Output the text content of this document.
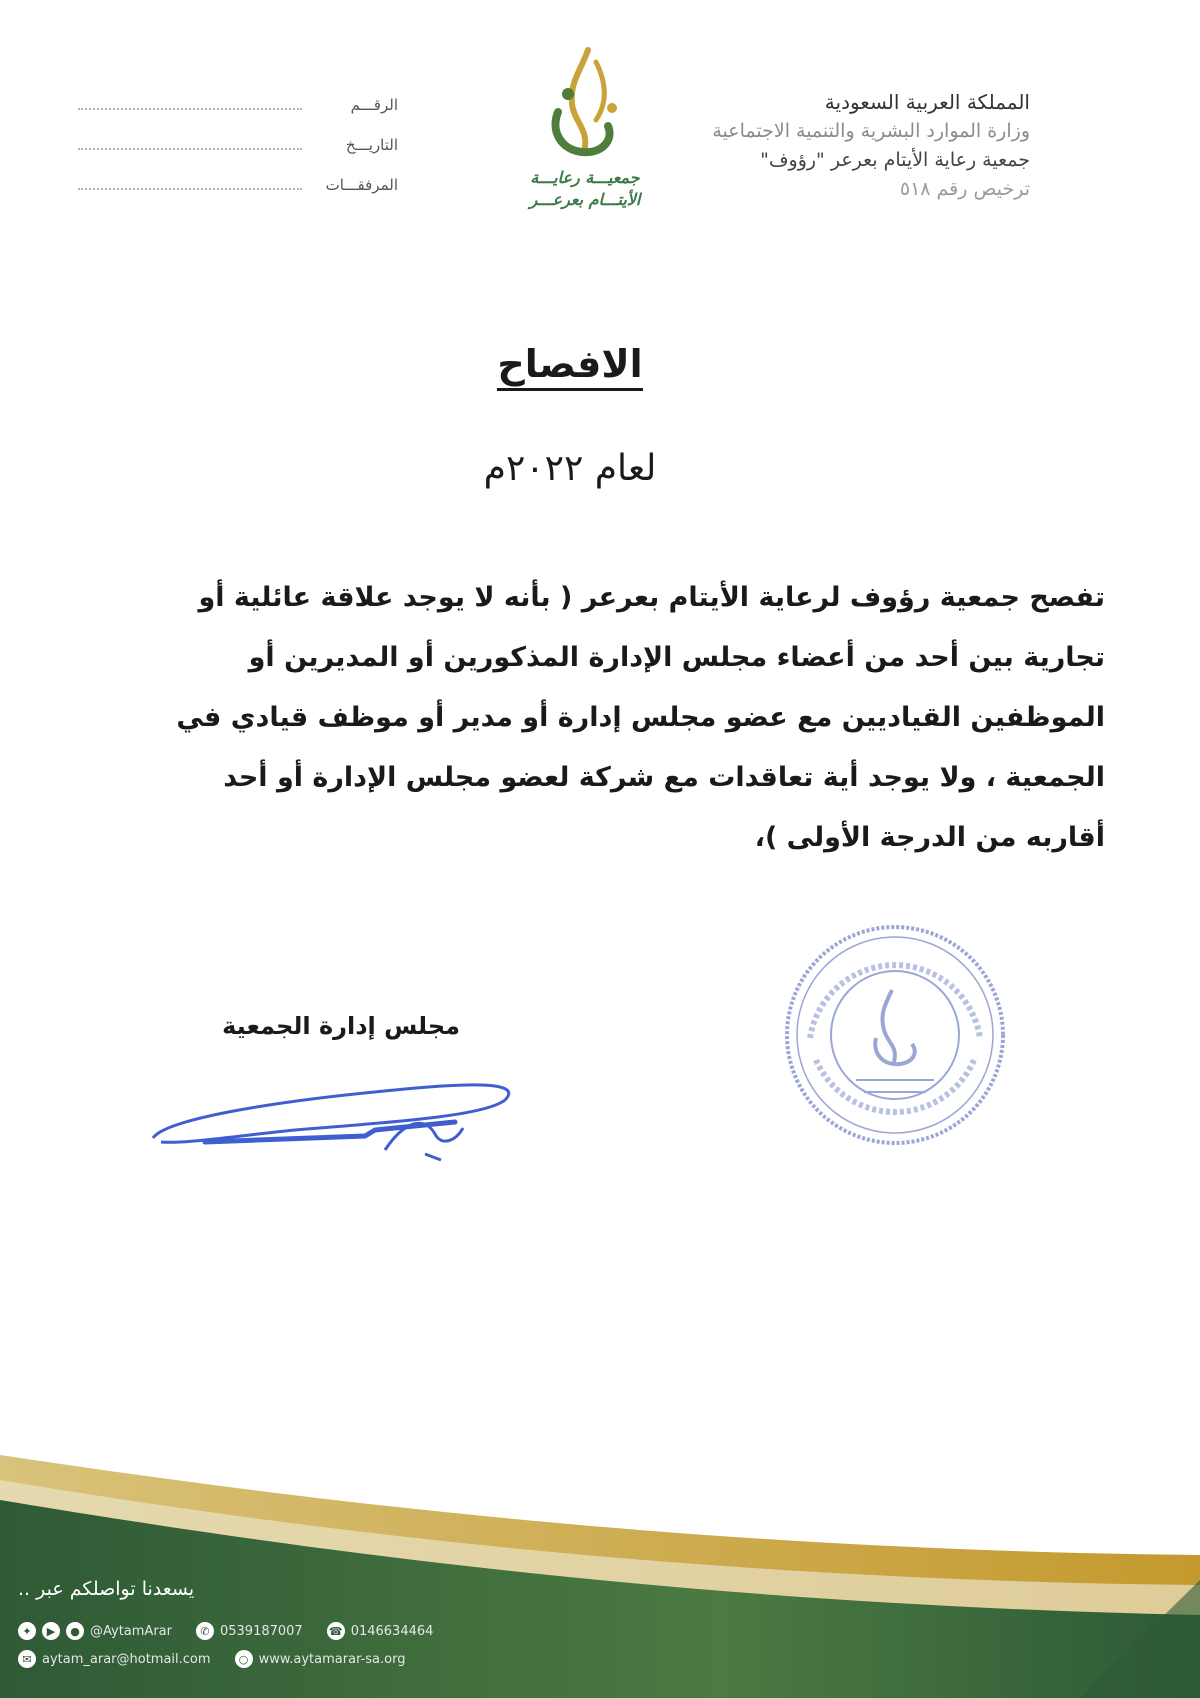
المملكة العربية السعودية
وزارة الموارد البشرية والتنمية الاجتماعية
جمعية رعاية الأيتام بعرعر "رؤوف"
ترخيص رقم ٥١٨
الرقـــم
التاريـــخ
المرفقـــات	جمعيـــة رعايـــة
الأيتـــام بعرعـــر
الافصاح
لعام ٢٠٢٢م
تفصح جمعية رؤوف لرعاية الأيتام بعرعر ( بأنه لا يوجد علاقة عائلية أو
تجارية بين أحد من أعضاء مجلس الإدارة المذكورين أو المديرين أو
الموظفين القياديين مع عضو مجلس إدارة أو مدير أو موظف قيادي في
الجمعية ، ولا يوجد أية تعاقدات مع شركة لعضو مجلس الإدارة أو أحد
أقاربه من الدرجة الأولى )،
مجلس إدارة الجمعية
يسعدنا تواصلكم عبر ..
✦	▶	● @AytamArar	✆ 0539187007 ☎ 0146634464
✉ aytam_arar@hotmail.com	○ www.aytamarar-sa.org
